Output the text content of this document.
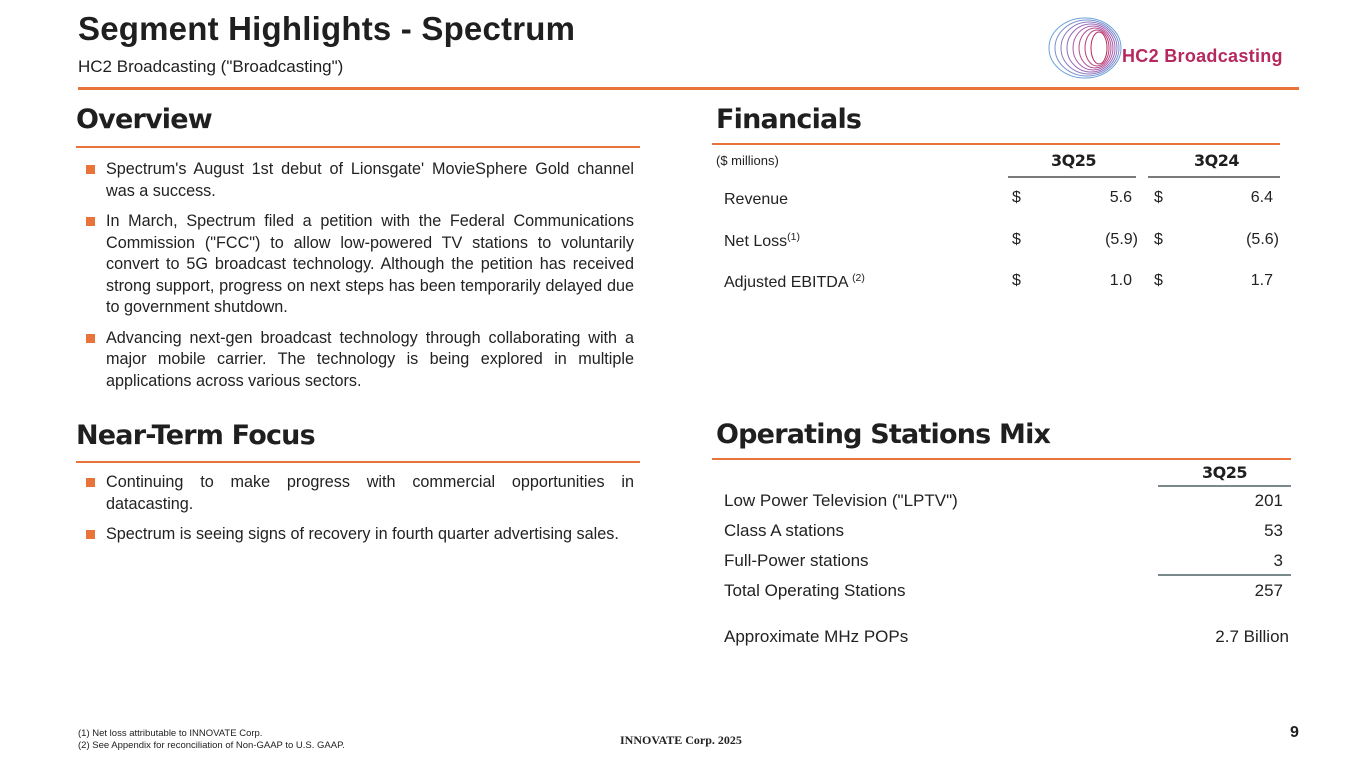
Segment Highlights - Spectrum
HC2 Broadcasting ("Broadcasting")
HC2 Broadcasting
Overview
Spectrum's August 1st debut of Lionsgate' MovieSphere Gold channel was a success.
In March, Spectrum filed a petition with the Federal Communications Commission ("FCC") to allow low-powered TV stations to voluntarily convert to 5G broadcast technology. Although the petition has received strong support, progress on next steps has been temporarily delayed due to government shutdown.
Advancing next-gen broadcast technology through collaborating with a major mobile carrier. The technology is being explored in multiple applications across various sectors.
Near-Term Focus
Continuing to make progress with commercial opportunities in datacasting.
Spectrum is seeing signs of recovery in fourth quarter advertising sales.
Financials
($ millions)	3Q25	3Q24
Revenue	$	5.6 $	6.4
Net Loss$^{(1)}$	$	(5.9) $	(5.6)
Adjusted EBITDA $^{(2)}$	$	1.0 $	1.7
Operating Stations Mix
3Q25
Low Power Television ("LPTV")	201
Class A stations	53
Full-Power stations	3
Total Operating Stations	257
Approximate MHz POPs	2.7 Billion
(1) Net loss attributable to INNOVATE Corp.
(2) See Appendix for reconciliation of Non-GAAP to U.S. GAAP.	INNOVATE Corp. 2025	9
